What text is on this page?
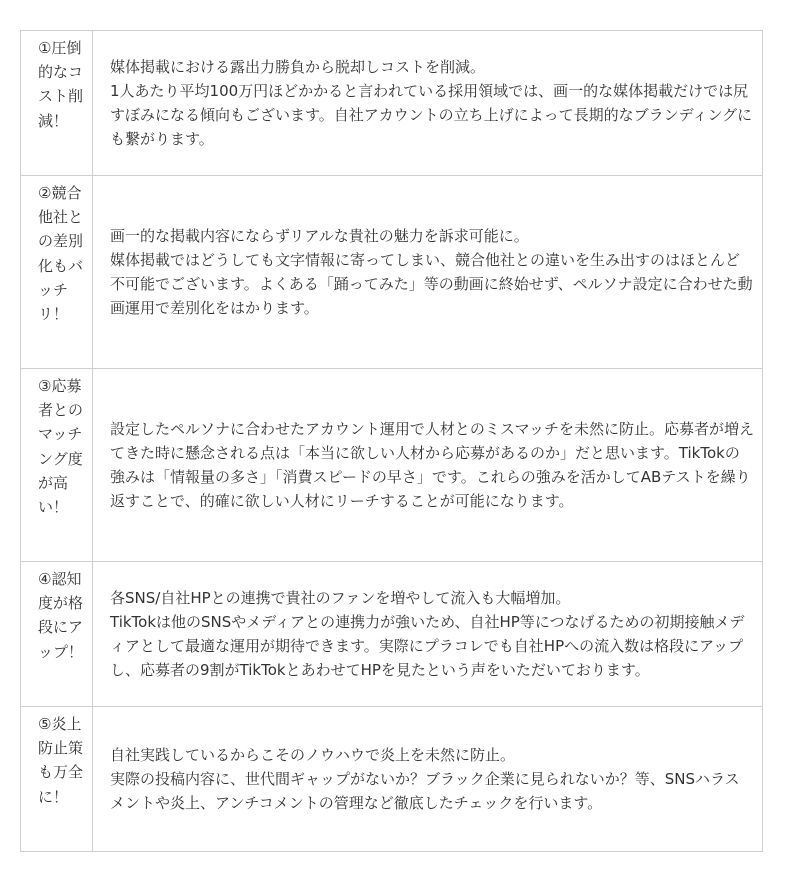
①圧倒的なコスト削減！	媒体掲載における露出力勝負から脱却しコストを削減。
1人あたり平均100万円ほどかかると言われている採用領域では、画一的な媒体掲載だけでは尻すぼみになる傾向もございます。自社アカウントの立ち上げによって長期的なブランディングにも繋がります。

②競合他社との差別化もバッチリ！	画一的な掲載内容にならずリアルな貴社の魅力を訴求可能に。
媒体掲載ではどうしても文字情報に寄ってしまい、競合他社との違いを生み出すのはほとんど不可能でございます。よくある「踊ってみた」等の動画に終始せず、ペルソナ設定に合わせた動画運用で差別化をはかります。

③応募者とのマッチング度が高い！	設定したペルソナに合わせたアカウント運用で人材とのミスマッチを未然に防止。応募者が増えてきた時に懸念される点は「本当に欲しい人材から応募があるのか」だと思います。TikTokの強みは「情報量の多さ」「消費スピードの早さ」です。これらの強みを活かしてABテストを繰り返すことで、的確に欲しい人材にリーチすることが可能になります。

④認知度が格段にアップ！	各SNS/自社HPとの連携で貴社のファンを増やして流入も大幅増加。
TikTokは他のSNSやメディアとの連携力が強いため、自社HP等につなげるための初期接触メディアとして最適な運用が期待できます。実際にプラコレでも自社HPへの流入数は格段にアップし、応募者の9割がTikTokとあわせてHPを見たという声をいただいております。

⑤炎上防止策も万全に！	自社実践しているからこそのノウハウで炎上を未然に防止。
実際の投稿内容に、世代間ギャップがないか？ブラック企業に見られないか？等、SNSハラスメントや炎上、アンチコメントの管理など徹底したチェックを行います。
